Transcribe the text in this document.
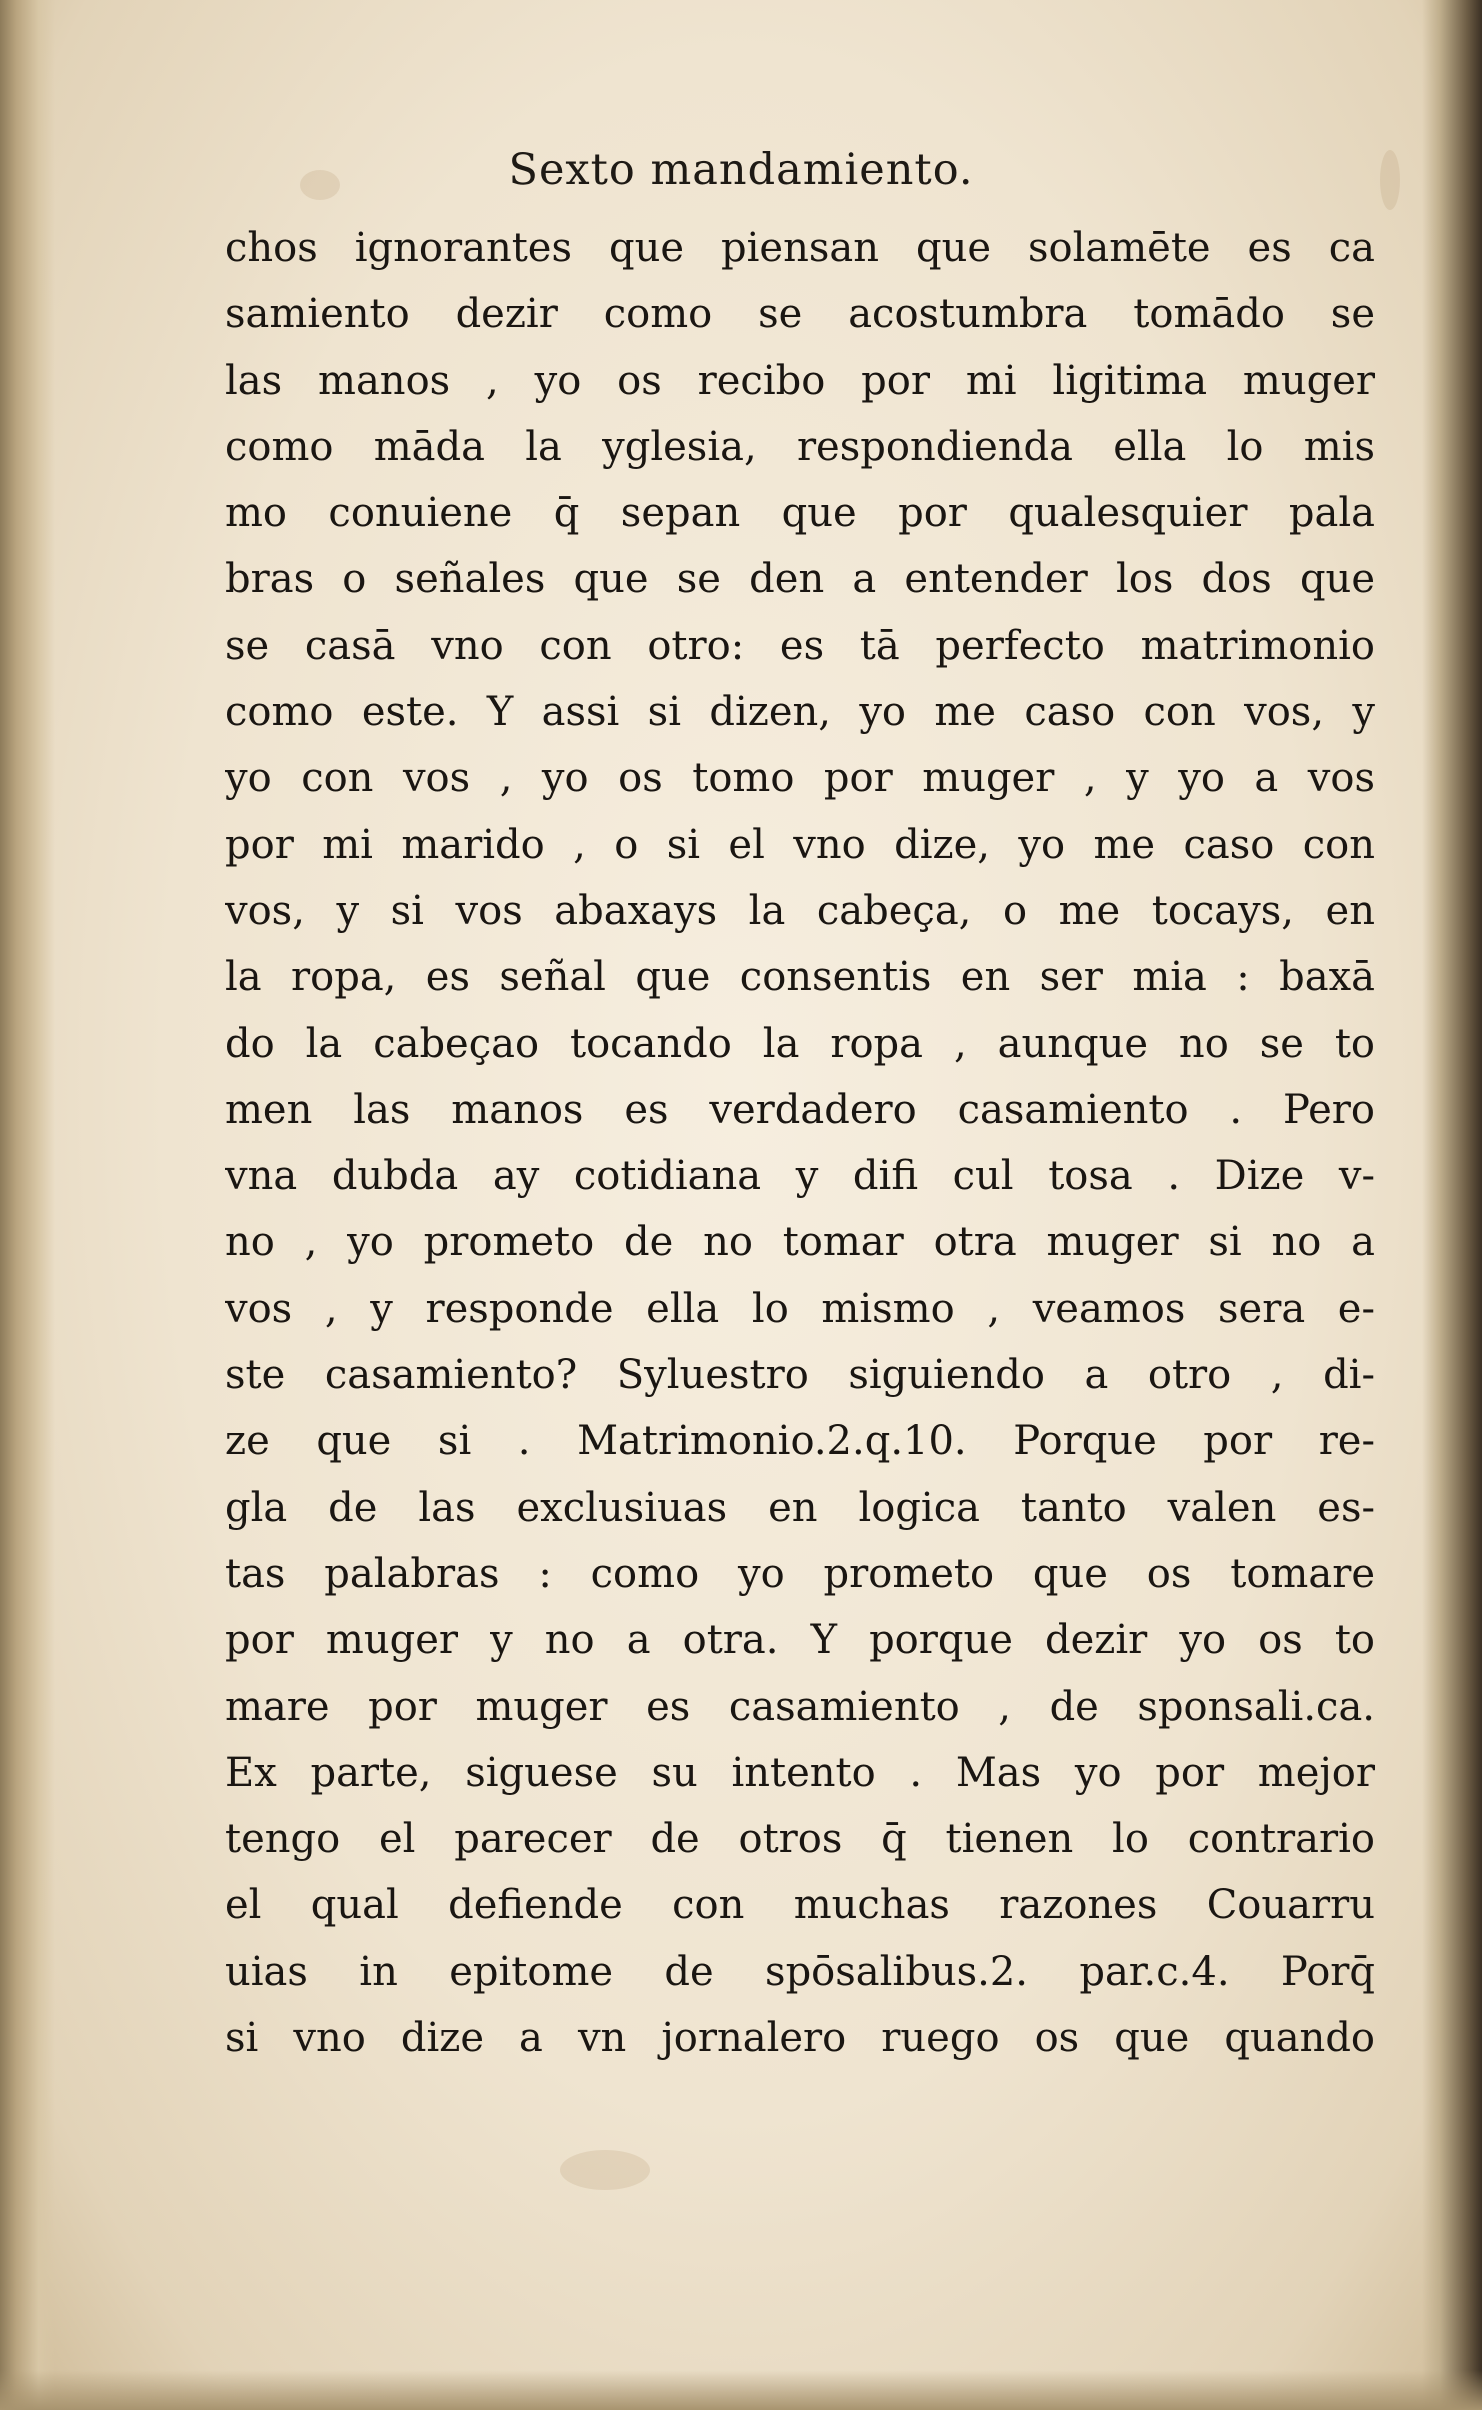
Sexto mandamiento.
chos ignorantes que piensan que solamēte es ca
samiento dezir como se acostumbra tomādo se
las manos , yo os recibo por mi ligitima muger
como māda la yglesia, respondienda ella lo mis
mo conuiene q̄ sepan que por qualesquier pala
bras o señales que se den a entender los dos que
se casā vno con otro: es tā perfecto matrimonio
como este. Y assi si dizen, yo me caso con vos, y
yo con vos , yo os tomo por muger , y yo a vos
por mi marido , o si el vno dize, yo me caso con
vos, y si vos abaxays la cabeça, o me tocays, en
la ropa, es señal que consentis en ser mia : baxā
do la cabeçao tocando la ropa , aunque no se to
men las manos es verdadero casamiento . Pero
vna dubda ay cotidiana y difi cul tosa . Dize v-
no , yo prometo de no tomar otra muger si no a
vos , y responde ella lo mismo , veamos sera e-
ste casamiento? Syluestro siguiendo a otro , di-
ze que si . Matrimonio.2.q.10. Porque por re-
gla de las exclusiuas en logica tanto valen es-
tas palabras : como yo prometo que os tomare
por muger y no a otra. Y porque dezir yo os to
mare por muger es casamiento , de sponsali.ca.
Ex parte, siguese su intento . Mas yo por mejor
tengo el parecer de otros q̄ tienen lo contrario
el qual defiende con muchas razones Couarru
uias in epitome de spōsalibus.2. par.c.4. Porq̄
si vno dize a vn jornalero ruego os que quando
